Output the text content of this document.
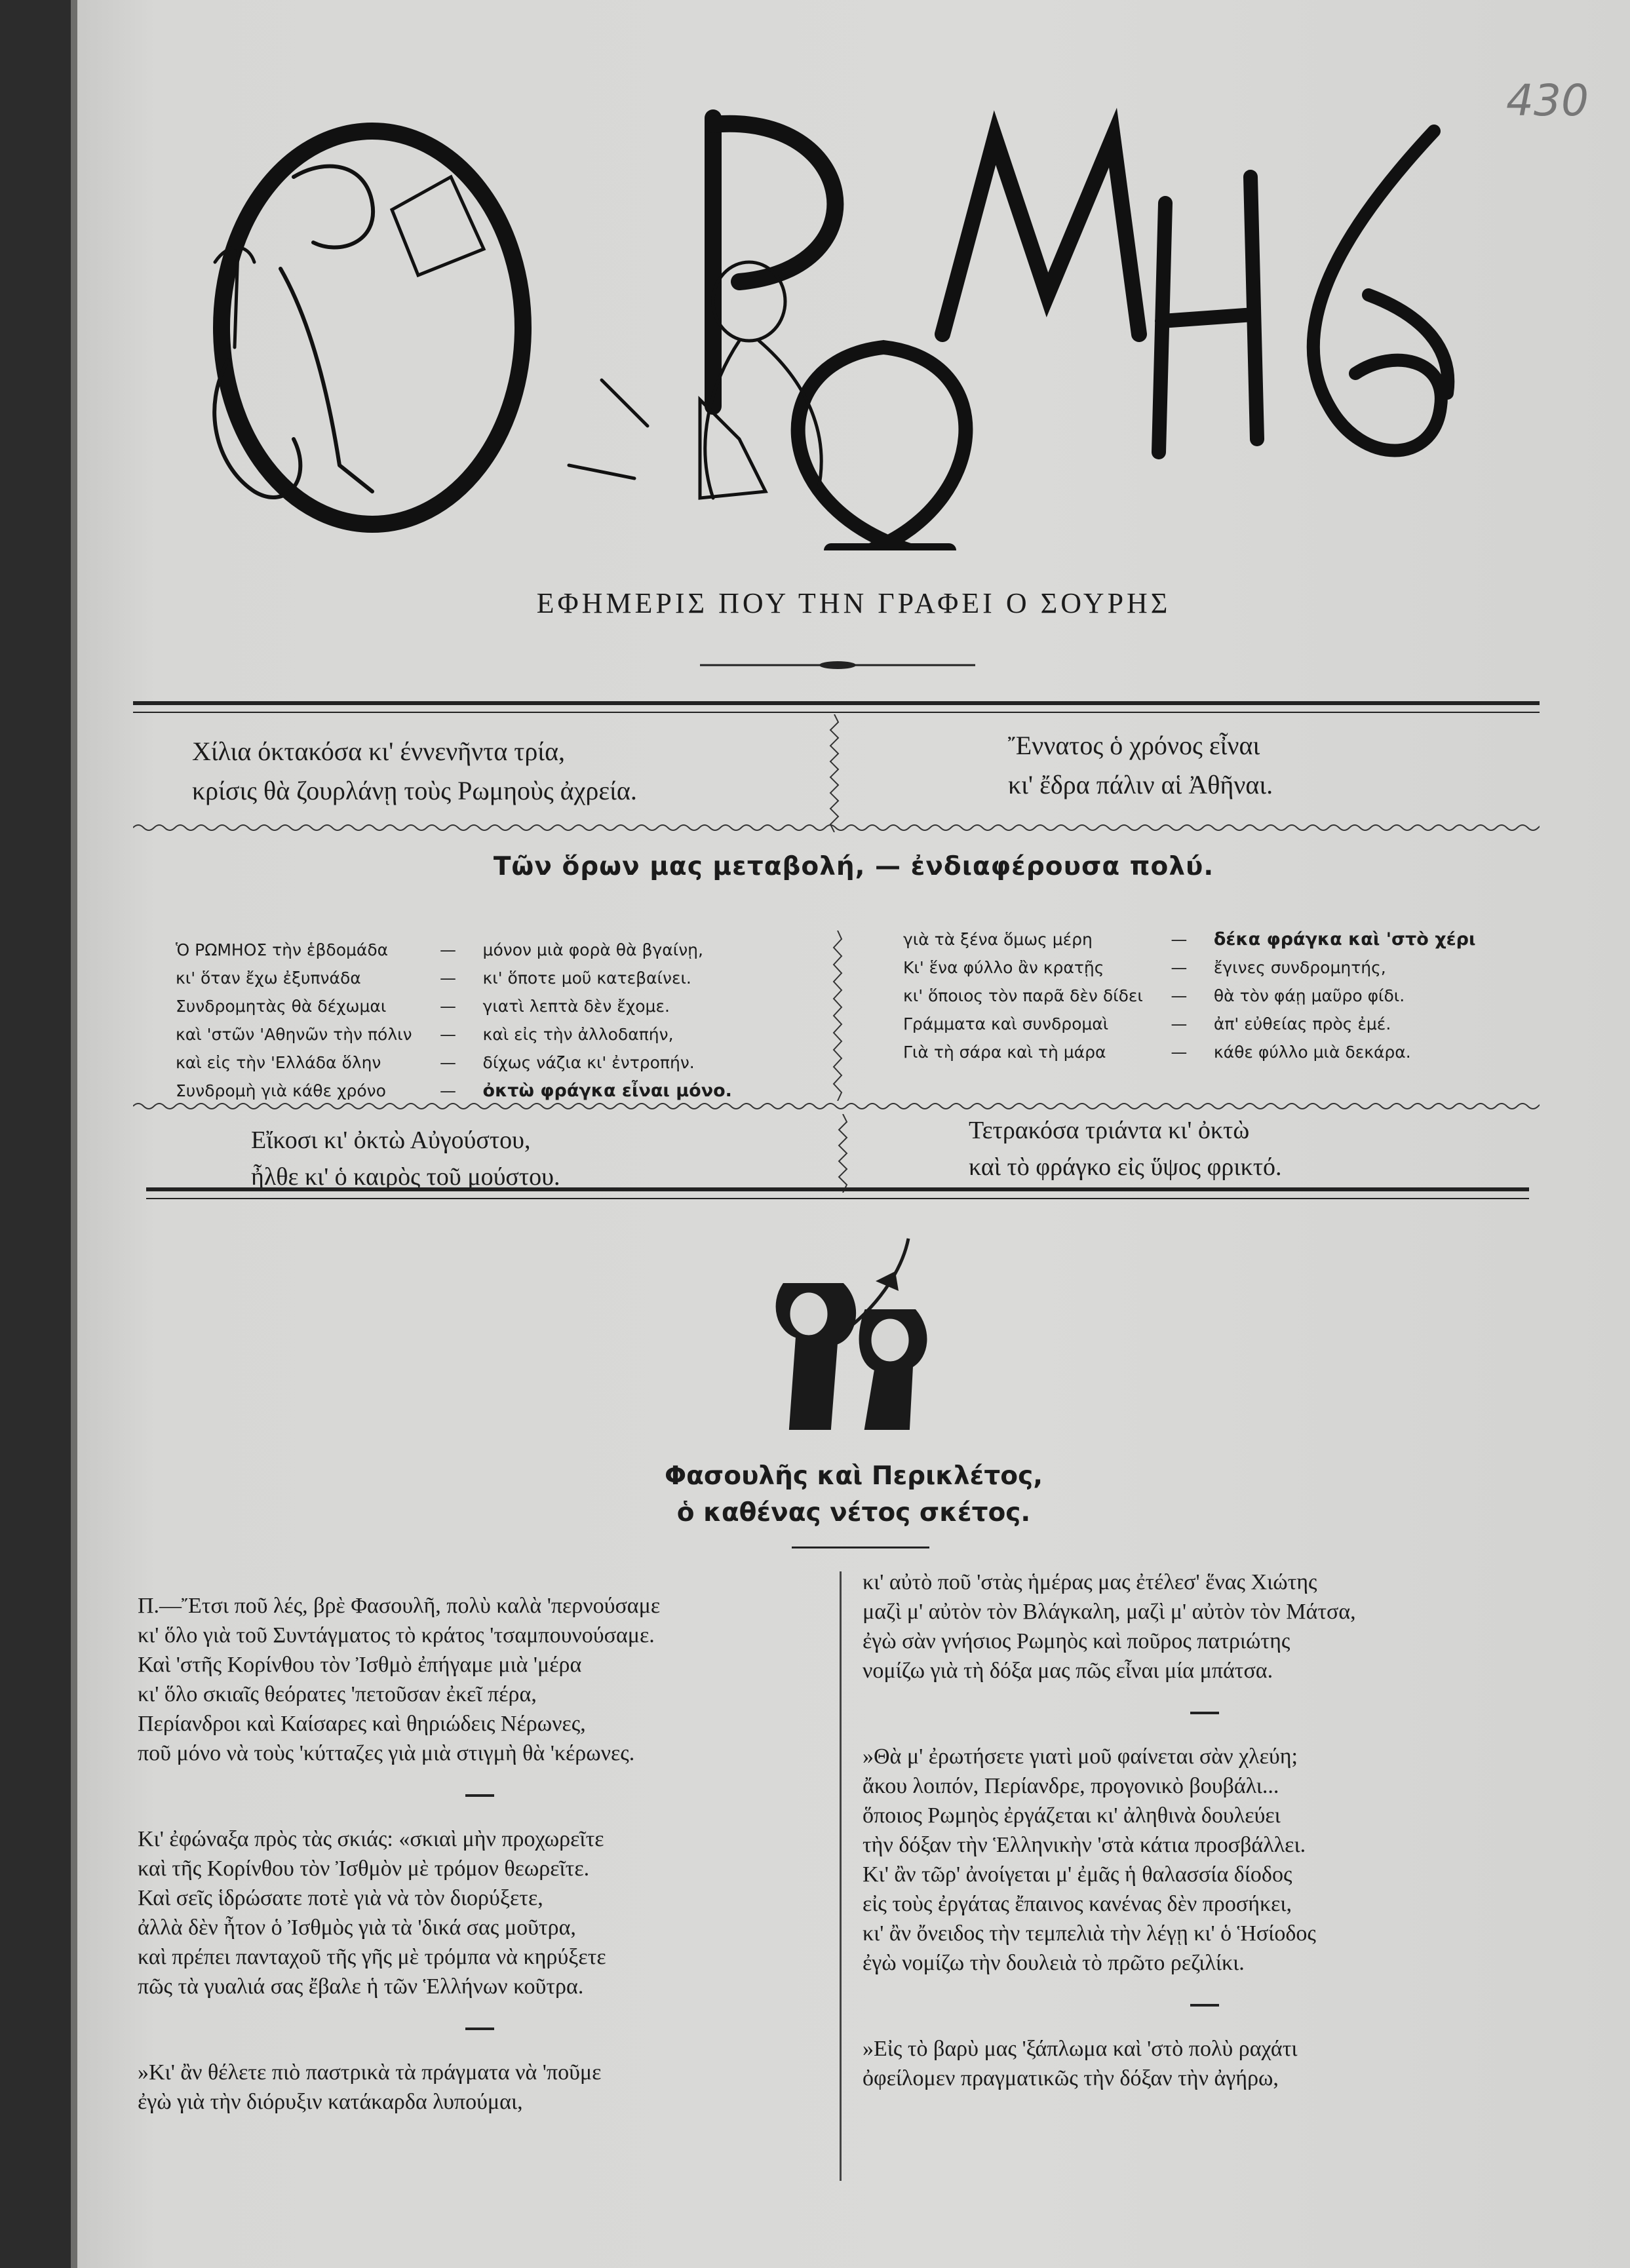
430
ΕΦΗΜΕΡΙΣ ΠΟΥ ΤΗΝ ΓΡΑΦΕΙ Ο ΣΟΥΡΗΣ
Χίλια όκτακόσα κι' έννενῆντα τρία,
κρίσις θὰ ζουρλάνῃ τοὺς Ρωμηοὺς ἀχρεία.
Ἔννατος ὁ χρόνος εἶναι
κι' ἔδρα πάλιν αἱ Ἀθῆναι.
Τῶν ὅρων μας μεταβολή, — ἐνδιαφέρουσα πολύ.
Ὁ ΡΩΜΗΟΣ τὴν ἑβδομάδα	—	μόνον μιὰ φορὰ θὰ βγαίνῃ,
κι' ὅταν ἔχω ἐξυπνάδα	—	κι' ὅποτε μοῦ κατεβαίνει.
Συνδρομητὰς θὰ δέχωμαι	—	γιατὶ λεπτὰ δὲν ἔχομε.
καὶ 'στῶν 'Αθηνῶν τὴν πόλιν	—	καὶ εἰς τὴν ἀλλοδαπήν,
καὶ εἰς τὴν 'Ελλάδα ὅλην	—	δίχως νάζια κι' ἐντροπήν.
Συνδρομὴ γιὰ κάθε χρόνο	—	ὀκτὼ φράγκα εἶναι μόνο.
γιὰ τὰ ξένα ὅμως μέρη	—	δέκα φράγκα καὶ 'στὸ χέρι
Κι' ἕνα φύλλο ἂν κρατῇς	—	ἔγινες συνδρομητής,
κι' ὅποιος τὸν παρᾶ δὲν δίδει	—	θὰ τὸν φάῃ μαῦρο φίδι.
Γράμματα καὶ συνδρομαὶ	—	ἀπ' εὐθείας πρὸς ἐμέ.
Γιὰ τὴ σάρα καὶ τὴ μάρα	—	κάθε φύλλο μιὰ δεκάρα.
Εἴκοσι κι' ὀκτὼ Αὐγούστου,
ἦλθε κι' ὁ καιρὸς τοῦ μούστου.
Τετρακόσα τριάντα κι' ὀκτὼ
καὶ τὸ φράγκο εἰς ὕψος φρικτό.
Φασουλῆς καὶ Περικλέτος,
ὁ καθένας νέτος σκέτος.
Π.—Ἔτσι ποῦ λές, βρὲ Φασουλῆ, πολὺ καλὰ 'περνούσαμε
κι' ὅλο γιὰ τοῦ Συντάγματος τὸ κράτος 'τσαμπουνούσαμε.
Καὶ 'στῆς Κορίνθου τὸν Ἰσθμὸ ἐπήγαμε μιὰ 'μέρα
κι' ὅλο σκιαῖς θεόρατες 'πετοῦσαν ἐκεῖ πέρα,
Περίανδροι καὶ Καίσαρες καὶ θηριώδεις Νέρωνες,
ποῦ μόνο νὰ τοὺς 'κύτταζες γιὰ μιὰ στιγμὴ θὰ 'κέρωνες.
Κι' ἐφώναξα πρὸς τὰς σκιάς: «σκιαὶ μὴν προχωρεῖτε
καὶ τῆς Κορίνθου τὸν Ἰσθμὸν μὲ τρόμον θεωρεῖτε.
Καὶ σεῖς ἱδρώσατε ποτὲ γιὰ νὰ τὸν διορύξετε,
ἀλλὰ δὲν ἦτον ὁ Ἰσθμὸς γιὰ τὰ 'δικά σας μοῦτρα,
καὶ πρέπει πανταχοῦ τῆς γῆς μὲ τρόμπα νὰ κηρύξετε
πῶς τὰ γυαλιά σας ἔβαλε ἡ τῶν Ἑλλήνων κοῦτρα.
»Κι' ἂν θέλετε πιὸ παστρικὰ τὰ πράγματα νὰ 'ποῦμε
ἐγὼ γιὰ τὴν διόρυξιν κατάκαρδα λυπούμαι,
κι' αὐτὸ ποῦ 'στὰς ἡμέρας μας ἐτέλεσ' ἕνας Χιώτης
μαζὶ μ' αὐτὸν τὸν Βλάγκαλη, μαζὶ μ' αὐτὸν τὸν Μάτσα,
ἐγὼ σὰν γνήσιος Ρωμηὸς καὶ ποῦρος πατριώτης
νομίζω γιὰ τὴ δόξα μας πῶς εἶναι μία μπάτσα.
»Θὰ μ' ἐρωτήσετε γιατὶ μοῦ φαίνεται σὰν χλεύη;
ἄκου λοιπόν, Περίανδρε, προγονικὸ βουβάλι...
ὅποιος Ρωμηὸς ἐργάζεται κι' ἀληθινὰ δουλεύει
τὴν δόξαν τὴν Ἑλληνικὴν 'στὰ κάτια προσβάλλει.
Κι' ἂν τῶρ' ἀνοίγεται μ' ἐμᾶς ἡ θαλασσία δίοδος
εἰς τοὺς ἐργάτας ἔπαινος κανένας δὲν προσήκει,
κι' ἂν ὄνειδος τὴν τεμπελιὰ τὴν λέγῃ κι' ὁ Ἡσίοδος
ἐγὼ νομίζω τὴν δουλειὰ τὸ πρῶτο ρεζιλίκι.
»Εἰς τὸ βαρὺ μας 'ξάπλωμα καὶ 'στὸ πολὺ ραχάτι
ὀφείλομεν πραγματικῶς τὴν δόξαν τὴν ἀγήρω,
